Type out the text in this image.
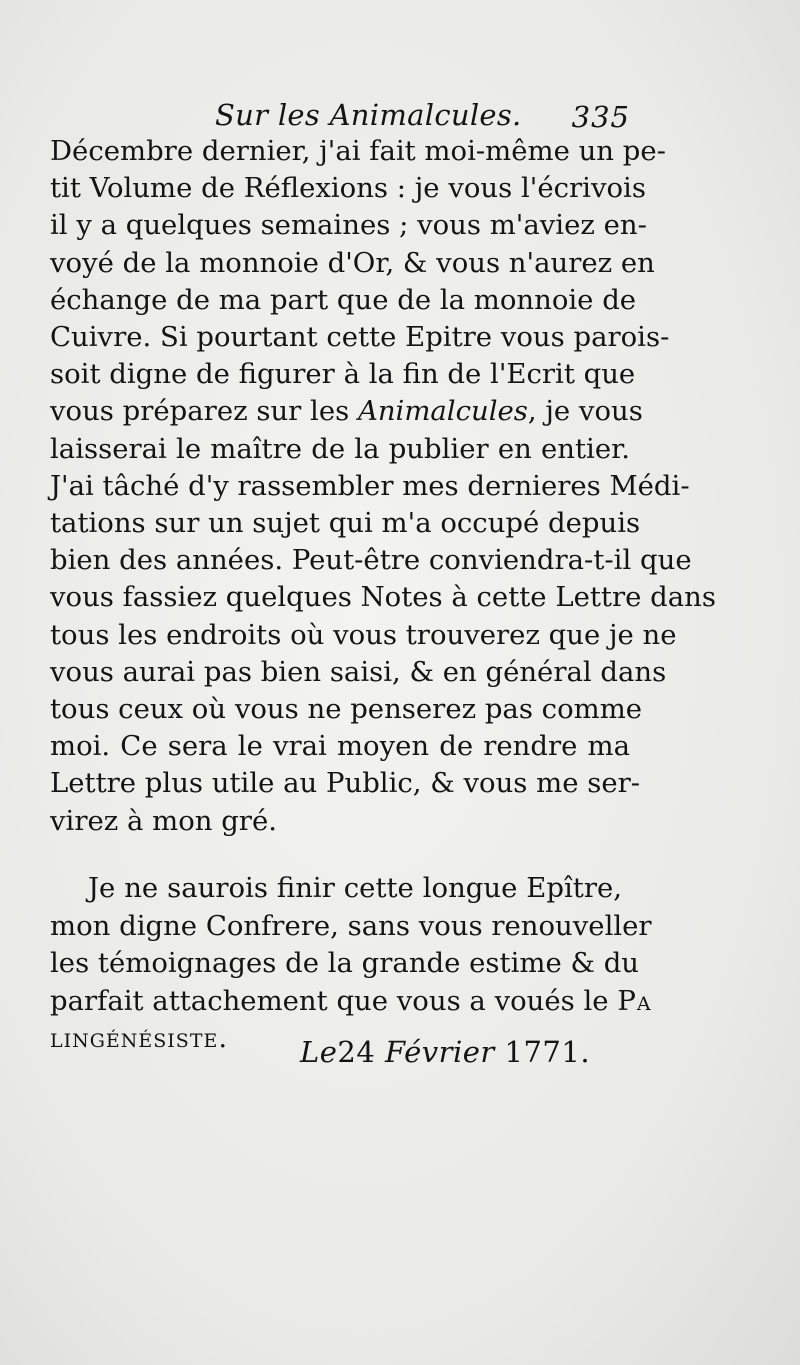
Sur les Animalcules. 335
Décembre dernier, j'ai fait moi-même un pe-
tit Volume de Réflexions : je vous l'écrivois
il y a quelques semaines ; vous m'aviez en-
voyé de la monnoie d'Or, & vous n'aurez en
échange de ma part que de la monnoie de
Cuivre. Si pourtant cette Epitre vous parois-
soit digne de figurer à la fin de l'Ecrit que
vous préparez sur les Animalcules, je vous
laisserai le maître de la publier en entier.
J'ai tâché d'y rassembler mes dernieres Médi-
tations sur un sujet qui m'a occupé depuis
bien des années. Peut-être conviendra-t-il que
vous fassiez quelques Notes à cette Lettre dans
tous les endroits où vous trouverez que je ne
vous aurai pas bien saisi, & en général dans
tous ceux où vous ne penserez pas comme
moi. Ce sera le vrai moyen de rendre ma
Lettre plus utile au Public, & vous me ser-
virez à mon gré.
Je ne saurois finir cette longue Epître,
mon digne Confrere, sans vous renouveller
les témoignages de la grande estime & du
parfait attachement que vous a voués le Pa
lingénésiste.	Le24 Février 1771.
